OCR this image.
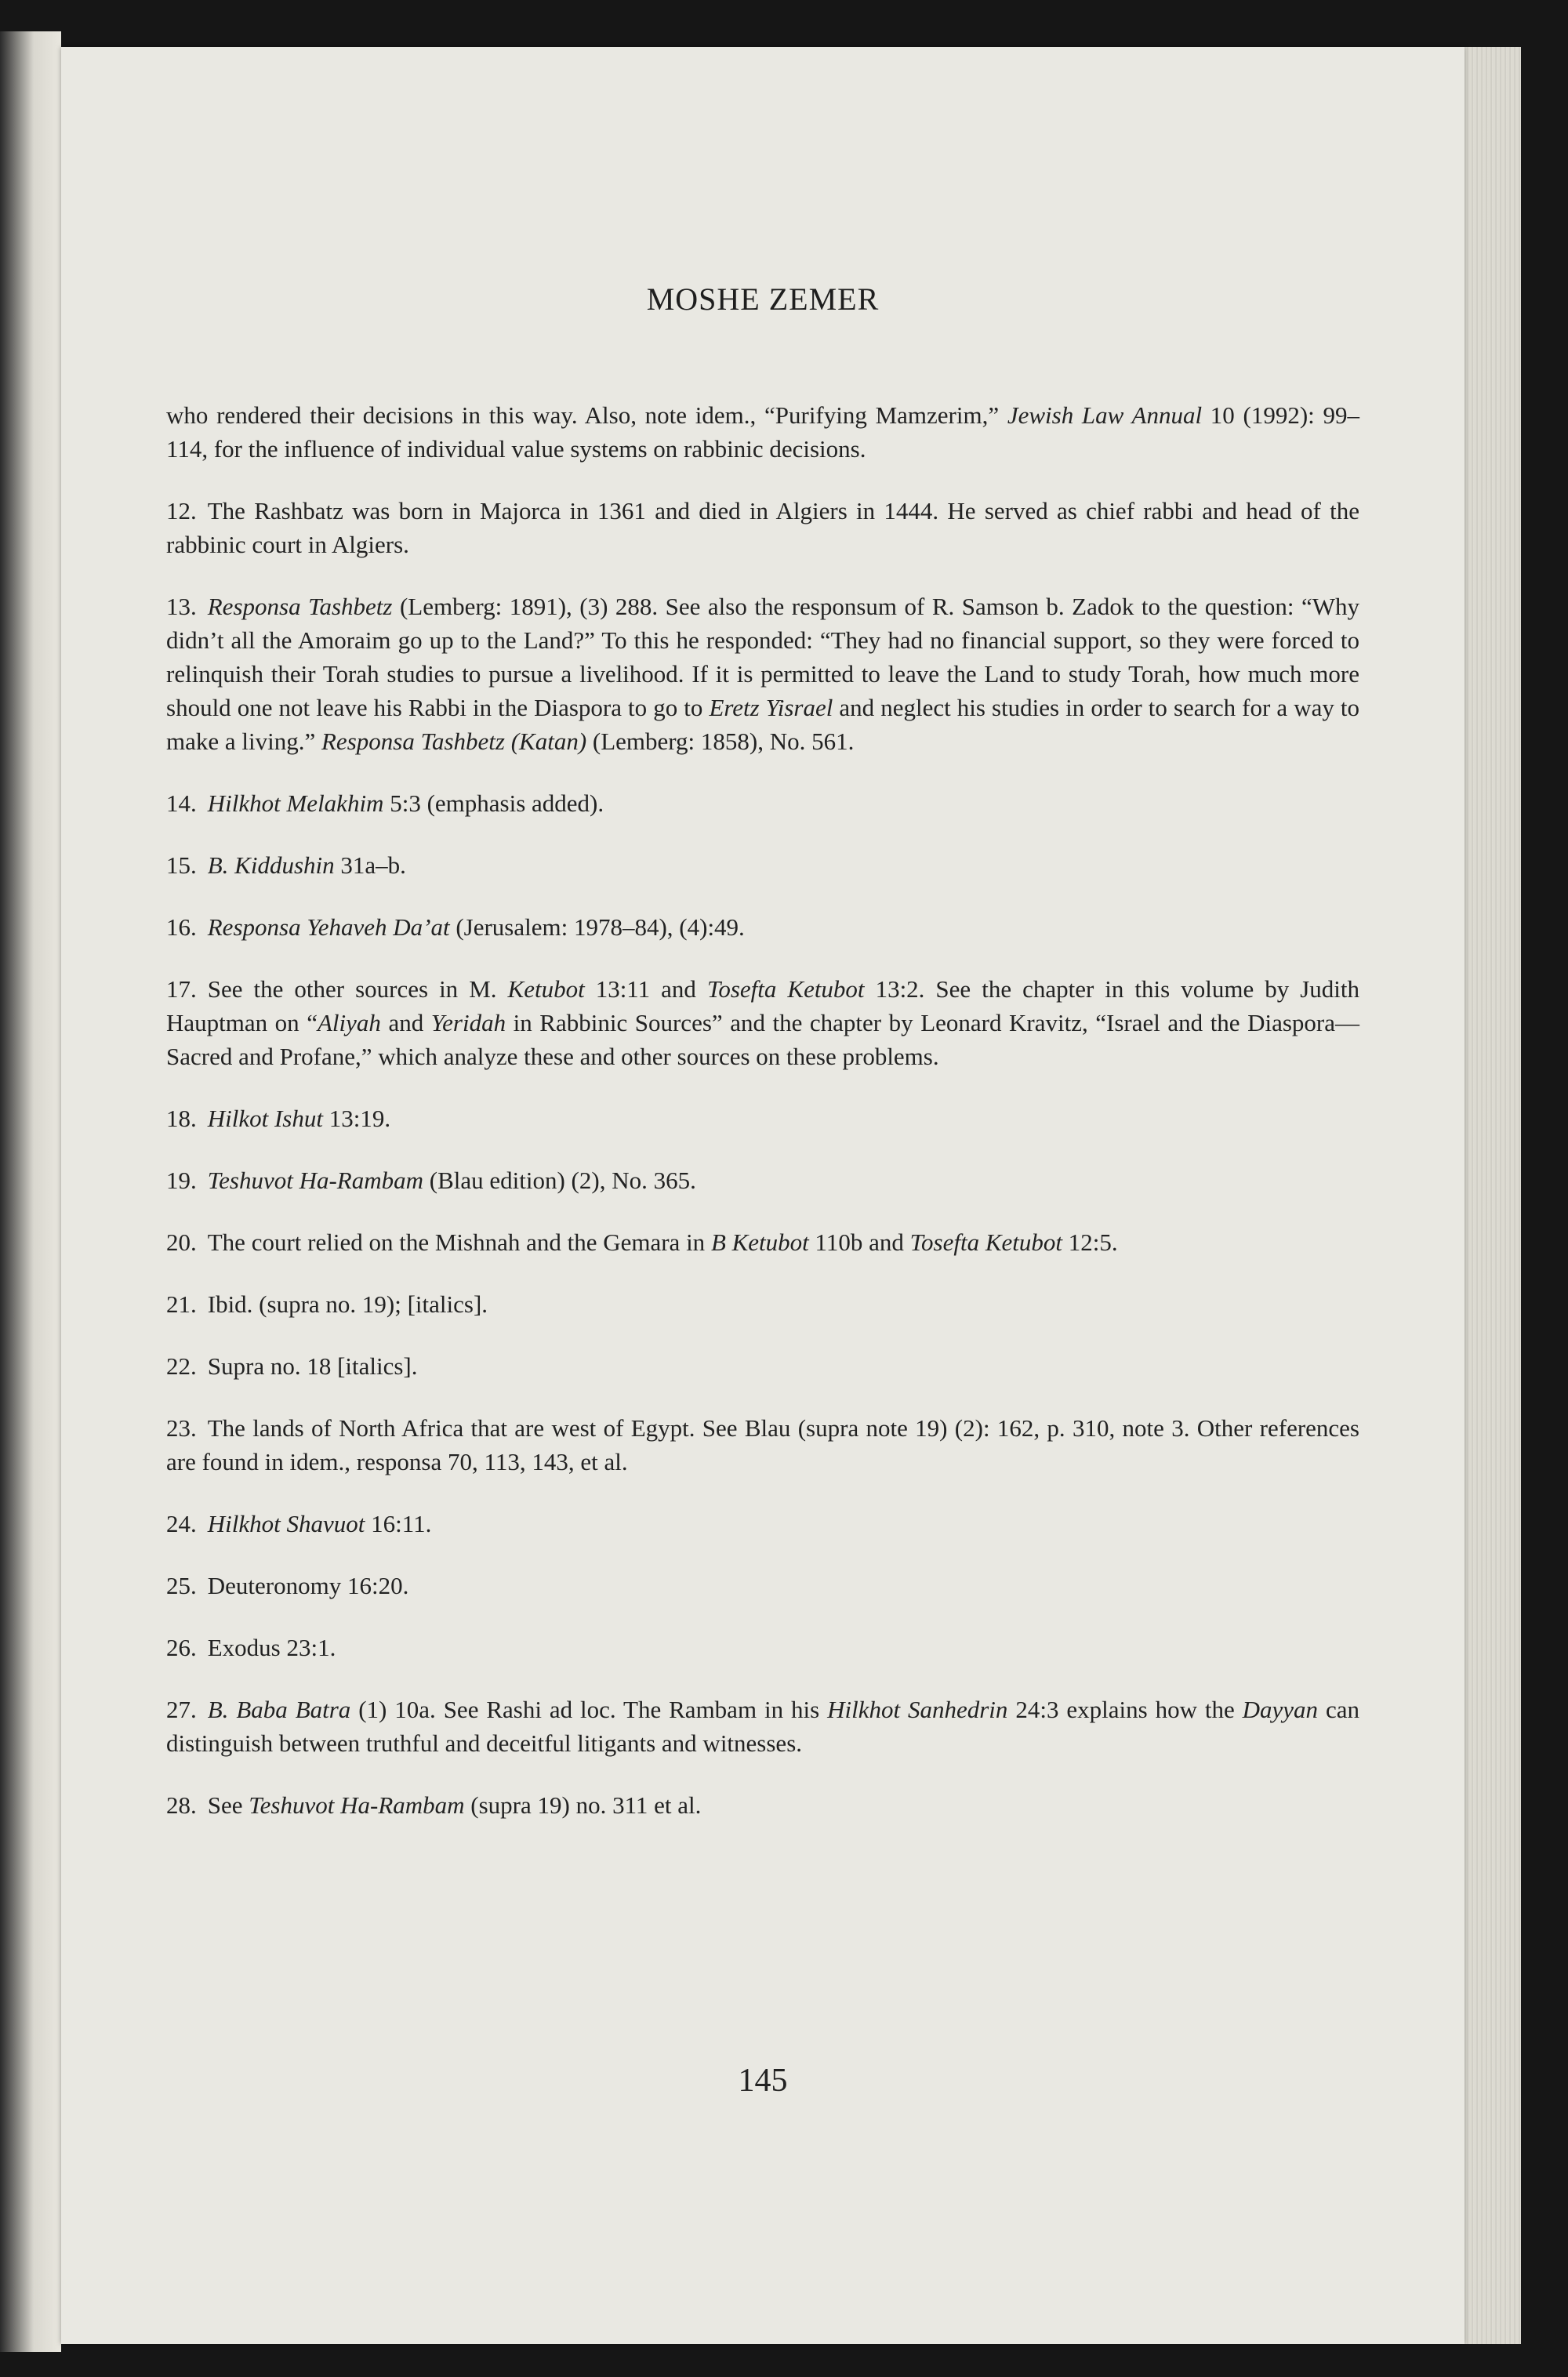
MOSHE ZEMER

who rendered their decisions in this way. Also, note idem., “Purifying Mamzerim,” Jewish Law Annual 10 (1992): 99–114, for the influence of individual value systems on rabbinic decisions.

12. The Rashbatz was born in Majorca in 1361 and died in Algiers in 1444. He served as chief rabbi and head of the rabbinic court in Algiers.

13. Responsa Tashbetz (Lemberg: 1891), (3) 288. See also the responsum of R. Samson b. Zadok to the question: “Why didn’t all the Amoraim go up to the Land?” To this he responded: “They had no financial support, so they were forced to relinquish their Torah studies to pursue a livelihood. If it is permitted to leave the Land to study Torah, how much more should one not leave his Rabbi in the Diaspora to go to Eretz Yisrael and neglect his studies in order to search for a way to make a living.” Responsa Tashbetz (Katan) (Lemberg: 1858), No. 561.

14. Hilkhot Melakhim 5:3 (emphasis added).

15. B. Kiddushin 31a–b.

16. Responsa Yehaveh Da’at (Jerusalem: 1978–84), (4):49.

17. See the other sources in M. Ketubot 13:11 and Tosefta Ketubot 13:2. See the chapter in this volume by Judith Hauptman on “Aliyah and Yeridah in Rabbinic Sources” and the chapter by Leonard Kravitz, “Israel and the Diaspora—Sacred and Profane,” which analyze these and other sources on these problems.

18. Hilkot Ishut 13:19.

19. Teshuvot Ha-Rambam (Blau edition) (2), No. 365.

20. The court relied on the Mishnah and the Gemara in B Ketubot 110b and Tosefta Ketubot 12:5.

21. Ibid. (supra no. 19); [italics].

22. Supra no. 18 [italics].

23. The lands of North Africa that are west of Egypt. See Blau (supra note 19) (2): 162, p. 310, note 3. Other references are found in idem., responsa 70, 113, 143, et al.

24. Hilkhot Shavuot 16:11.

25. Deuteronomy 16:20.

26. Exodus 23:1.

27. B. Baba Batra (1) 10a. See Rashi ad loc. The Rambam in his Hilkhot Sanhedrin 24:3 explains how the Dayyan can distinguish between truthful and deceitful litigants and witnesses.

28. See Teshuvot Ha-Rambam (supra 19) no. 311 et al.

145
